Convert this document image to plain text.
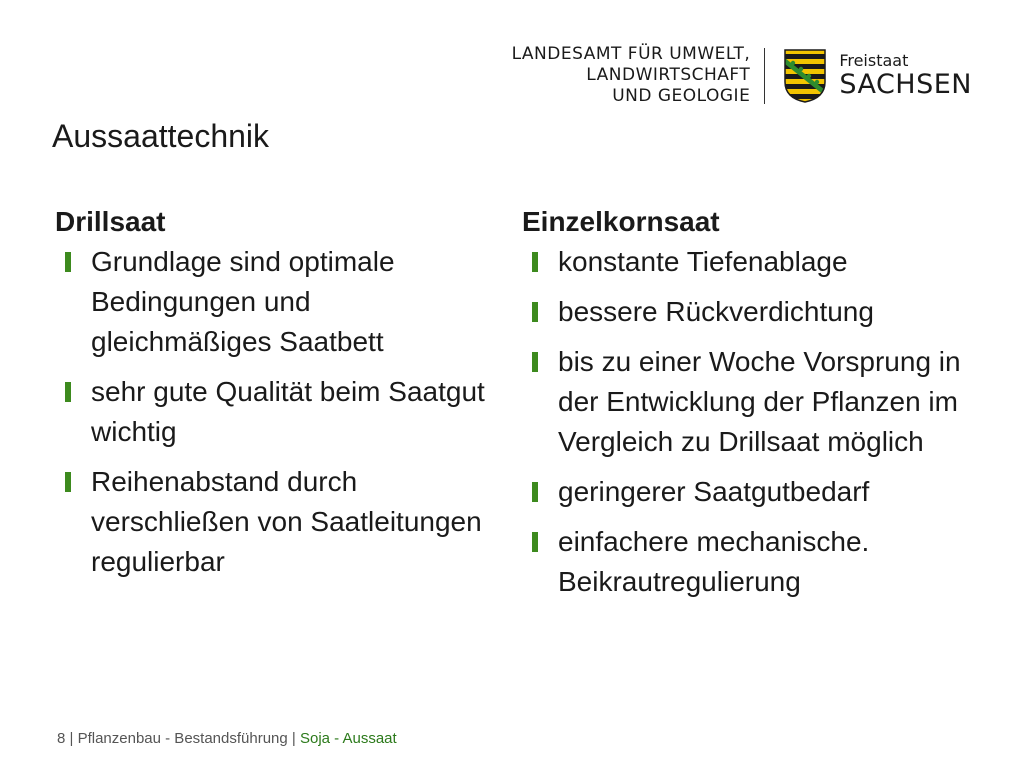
LANDESAMT FÜR UMWELT,
LANDWIRTSCHAFT
UND GEOLOGIE
Freistaat
SACHSEN
Aussaattechnik
Drillsaat
Grundlage sind optimale Bedingungen und gleichmäßiges Saatbett
sehr gute Qualität beim Saatgut wichtig
Reihenabstand durch verschließen von Saatleitungen regulierbar
Einzelkornsaat
konstante Tiefenablage
bessere Rückverdichtung
bis zu einer Woche Vorsprung in der Entwicklung der Pflanzen im Vergleich zu Drillsaat möglich
geringerer Saatgutbedarf
einfachere mechanische. Beikrautregulierung
8 | Pflanzenbau - Bestandsführung | Soja - Aussaat
